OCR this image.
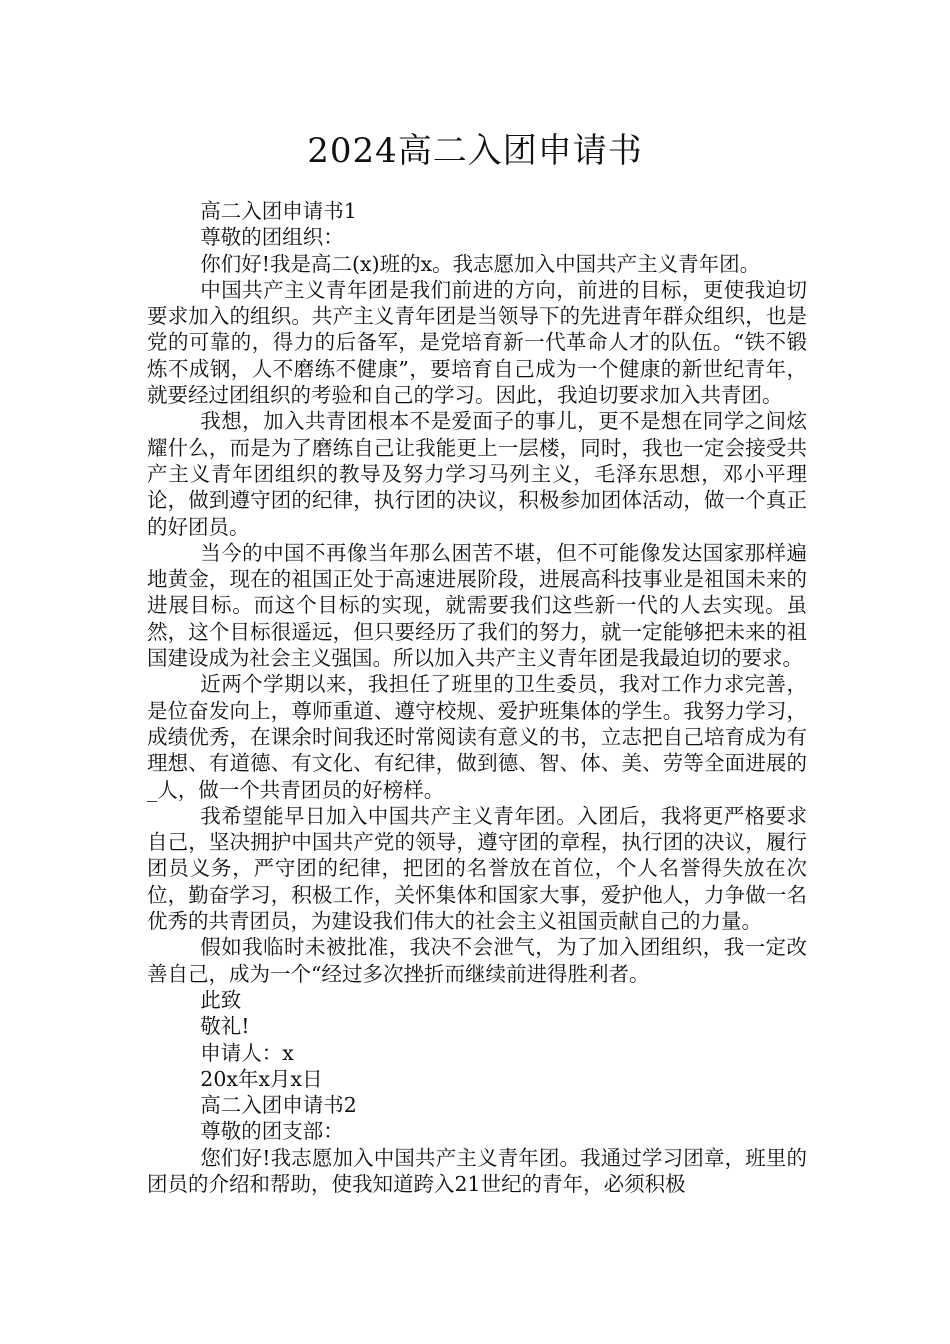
2024高二入团申请书

高二入团申请书1

尊敬的团组织：

你们好!我是高二(x)班的x。我志愿加入中国共产主义青年团。

中国共产主义青年团是我们前进的方向，前进的目标，更使我迫切要求加入的组织。共产主义青年团是当领导下的先进青年群众组织，也是党的可靠的，得力的后备军，是党培育新一代革命人才的队伍。“铁不锻炼不成钢，人不磨练不健康”，要培育自己成为一个健康的新世纪青年，就要经过团组织的考验和自己的学习。因此，我迫切要求加入共青团。

我想，加入共青团根本不是爱面子的事儿，更不是想在同学之间炫耀什么，而是为了磨练自己让我能更上一层楼，同时，我也一定会接受共产主义青年团组织的教导及努力学习马列主义，毛泽东思想，邓小平理论，做到遵守团的纪律，执行团的决议，积极参加团体活动，做一个真正的好团员。

当今的中国不再像当年那么困苦不堪，但不可能像发达国家那样遍地黄金，现在的祖国正处于高速进展阶段，进展高科技事业是祖国未来的进展目标。而这个目标的实现，就需要我们这些新一代的人去实现。虽然，这个目标很遥远，但只要经历了我们的努力，就一定能够把未来的祖国建设成为社会主义强国。所以加入共产主义青年团是我最迫切的要求。

近两个学期以来，我担任了班里的卫生委员，我对工作力求完善，是位奋发向上，尊师重道、遵守校规、爱护班集体的学生。我努力学习，成绩优秀，在课余时间我还时常阅读有意义的书，立志把自己培育成为有理想、有道德、有文化、有纪律，做到德、智、体、美、劳等全面进展的_人，做一个共青团员的好榜样。

我希望能早日加入中国共产主义青年团。入团后，我将更严格要求自己，坚决拥护中国共产党的领导，遵守团的章程，执行团的决议，履行团员义务，严守团的纪律，把团的名誉放在首位，个人名誉得失放在次位，勤奋学习，积极工作，关怀集体和国家大事，爱护他人，力争做一名优秀的共青团员，为建设我们伟大的社会主义祖国贡献自己的力量。

假如我临时未被批准，我决不会泄气，为了加入团组织，我一定改善自己，成为一个“经过多次挫折而继续前进得胜利者。

此致

敬礼!

申请人：x

20x年x月x日

高二入团申请书2

尊敬的团支部：

您们好!我志愿加入中国共产主义青年团。我通过学习团章，班里的团员的介绍和帮助，使我知道跨入21世纪的青年，必须积极
